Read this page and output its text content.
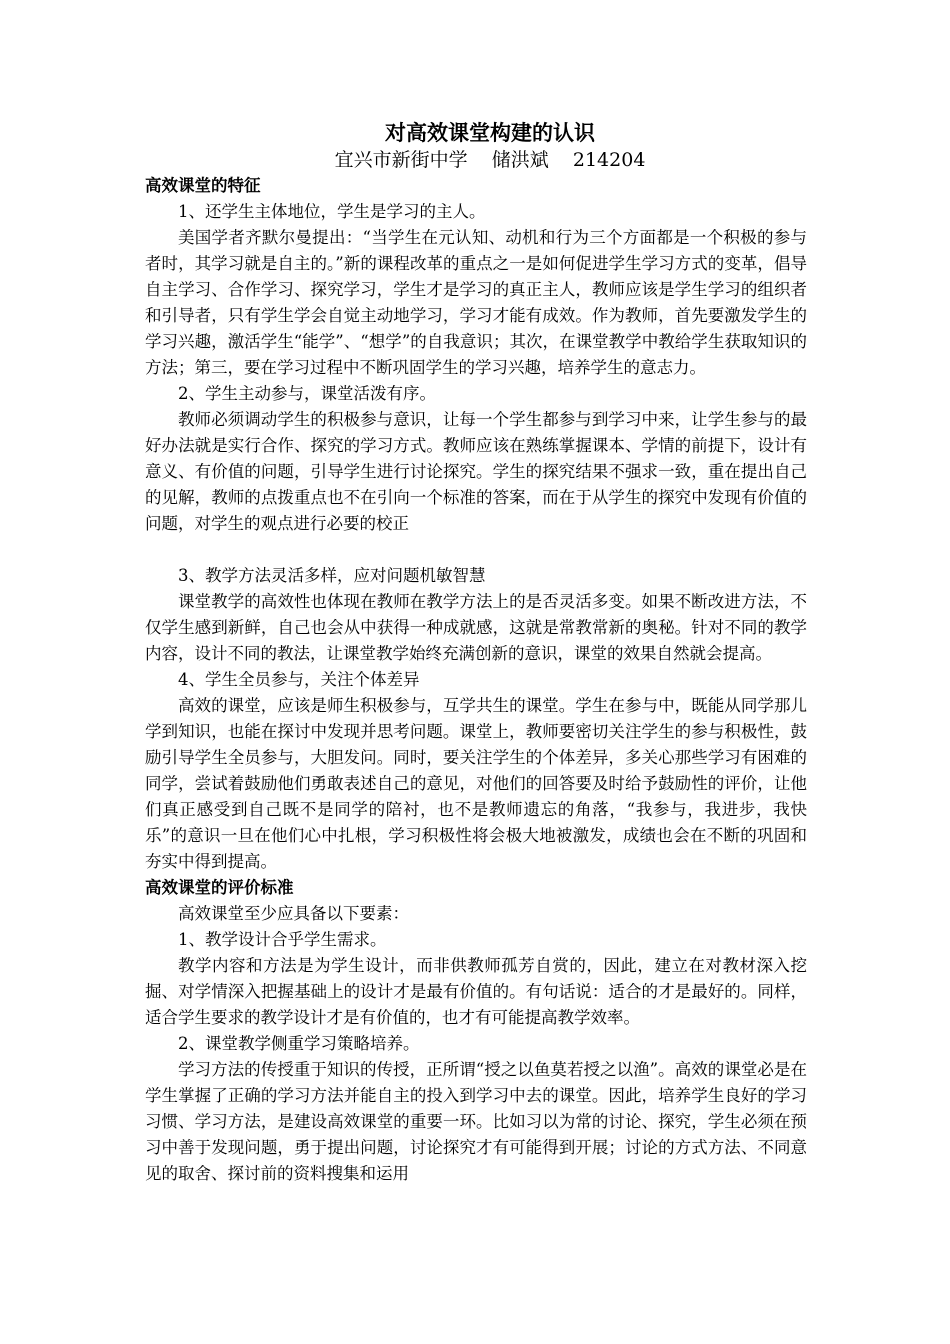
对高效课堂构建的认识
宜兴市新街中学    储洪斌    214204
高效课堂的特征

1、还学生主体地位，学生是学习的主人。

美国学者齐默尔曼提出：“当学生在元认知、动机和行为三个方面都是一个积极的参与者时，其学习就是自主的。”新的课程改革的重点之一是如何促进学生学习方式的变革，倡导自主学习、合作学习、探究学习，学生才是学习的真正主人，教师应该是学生学习的组织者和引导者，只有学生学会自觉主动地学习，学习才能有成效。作为教师，首先要激发学生的学习兴趣，激活学生“能学”、“想学”的自我意识；其次，在课堂教学中教给学生获取知识的方法；第三，要在学习过程中不断巩固学生的学习兴趣，培养学生的意志力。

2、学生主动参与，课堂活泼有序。

教师必须调动学生的积极参与意识，让每一个学生都参与到学习中来，让学生参与的最好办法就是实行合作、探究的学习方式。教师应该在熟练掌握课本、学情的前提下，设计有意义、有价值的问题，引导学生进行讨论探究。学生的探究结果不强求一致，重在提出自己的见解，教师的点拨重点也不在引向一个标准的答案，而在于从学生的探究中发现有价值的问题，对学生的观点进行必要的校正

3、教学方法灵活多样，应对问题机敏智慧

课堂教学的高效性也体现在教师在教学方法上的是否灵活多变。如果不断改进方法，不仅学生感到新鲜，自己也会从中获得一种成就感，这就是常教常新的奥秘。针对不同的教学内容，设计不同的教法，让课堂教学始终充满创新的意识，课堂的效果自然就会提高。

4、学生全员参与，关注个体差异

高效的课堂，应该是师生积极参与，互学共生的课堂。学生在参与中，既能从同学那儿学到知识，也能在探讨中发现并思考问题。课堂上，教师要密切关注学生的参与积极性，鼓励引导学生全员参与，大胆发问。同时，要关注学生的个体差异，多关心那些学习有困难的同学，尝试着鼓励他们勇敢表述自己的意见，对他们的回答要及时给予鼓励性的评价，让他们真正感受到自己既不是同学的陪衬，也不是教师遗忘的角落，“我参与，我进步，我快乐”的意识一旦在他们心中扎根，学习积极性将会极大地被激发，成绩也会在不断的巩固和夯实中得到提高。

高效课堂的评价标准

高效课堂至少应具备以下要素：

1、教学设计合乎学生需求。

教学内容和方法是为学生设计，而非供教师孤芳自赏的，因此，建立在对教材深入挖掘、对学情深入把握基础上的设计才是最有价值的。有句话说：适合的才是最好的。同样，适合学生要求的教学设计才是有价值的，也才有可能提高教学效率。

2、课堂教学侧重学习策略培养。

学习方法的传授重于知识的传授，正所谓“授之以鱼莫若授之以渔”。高效的课堂必是在学生掌握了正确的学习方法并能自主的投入到学习中去的课堂。因此，培养学生良好的学习习惯、学习方法，是建设高效课堂的重要一环。比如习以为常的讨论、探究，学生必须在预习中善于发现问题，勇于提出问题，讨论探究才有可能得到开展；讨论的方式方法、不同意见的取舍、探讨前的资料搜集和运用
